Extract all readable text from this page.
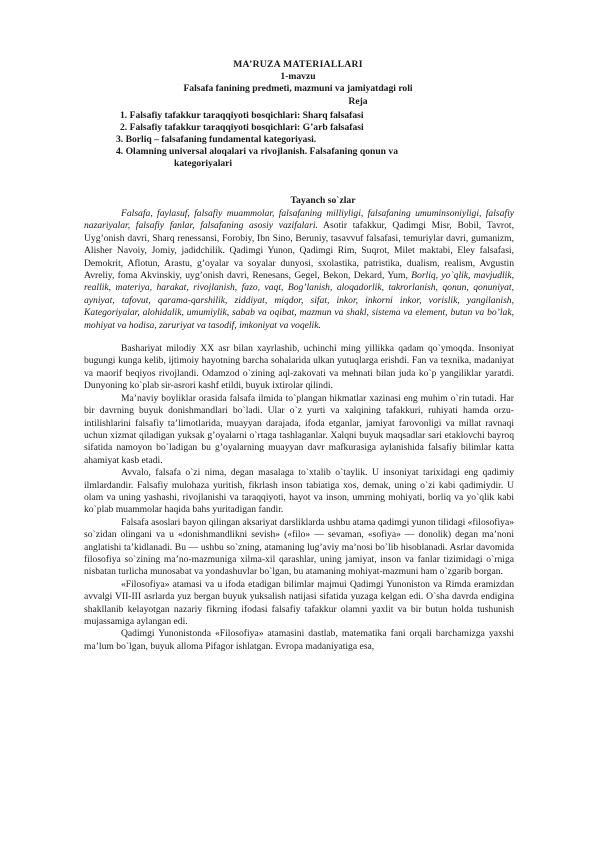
MA’RUZA MATERIALLARI

1-mavzu

Falsafa fanining predmeti, mazmuni va jamiyatdagi roli

Reja

1. Falsafiy tafakkur taraqqiyoti bosqichlari: Sharq falsafasi
2. Falsafiy tafakkur taraqqiyoti bosqichlari: G’arb falsafasi
3. Borliq – falsafaning fundamental kategoriyasi.
4. Olamning universal aloqalari va rivojlanish. Falsafaning qonun va
kategoriyalari

Tayanch so`zlar

Falsafa, faylasuf, falsafiy muammolar, falsafaning milliyligi, falsafaning umuminsoniyligi, falsafiy nazariyalar, falsafiy fanlar, falsafaning asosiy vazifalari. Asotir tafakkur, Qadimgi Misr, Bobil, Tavrot, Uyg’onish davri, Sharq renessansi, Forobiy, Ibn Sino, Beruniy, tasavvuf falsafasi, temuriylar davri, gumanizm, Alisher Navoiy, Jomiy, jadidchilik. Qadimgi Yunon, Qadimgi Rim, Suqrot, Milet maktabi, Eley falsafasi, Demokrit, Aflotun, Arastu, g’oyalar va soyalar dunyosi, sxolastika, patristika, dualism, realism, Avgustin Avreliy, foma Akvinskiy, uyg’onish davri, Renesans, Gegel, Bekon, Dekard, Yum, Borliq, yo`qlik, mavjudlik, reallik, materiya, harakat, rivojlanish, fazo, vaqt, Bog’lanish, aloqadorlik, takrorlanish, qonun, qonuniyat, ayniyat, tafovut, qarama-qarshilik, ziddiyat, miqdor, sifat, inkor, inkorni inkor, vorislik, yangilanish, Kategoriyalar, alohidalik, umumiylik, sabab va oqibat, mazmun va shakl, sistema va element, butun va bo’lak, mohiyat va hodisa, zaruriyat va tasodif, imkoniyat va voqelik.

Bashariyat milodiy XX asr bilan xayrlashib, uchinchi ming yillikka qadam qo`ymoqda. Insoniyat bugungi kunga kelib, ijtimoiy hayotning barcha sohalarida ulkan yutuqlarga erishdi. Fan va texnika, madaniyat va maorif beqiyos rivojlandi. Odamzod o`zining aql-zakovati va mehnati bilan juda ko`p yangiliklar yaratdi. Dunyoning ko`plab sir-asrori kashf etildi, buyuk ixtirolar qilindi.

Ma’naviy boyliklar orasida falsafa ilmida to`plangan hikmatlar xazinasi eng muhim o`rin tutadi. Har bir davrning buyuk donishmandlari bo`ladi. Ular o`z yurti va xalqining tafakkuri, ruhiyati hamda orzu-intilishlarini falsafiy ta’limotlarida, muayyan darajada, ifoda etganlar, jamiyat farovonligi va millat ravnaqi uchun xizmat qiladigan yuksak g’oyalarni o`rtaga tashlaganlar. Xalqni buyuk maqsadlar sari etaklovchi bayroq sifatida namoyon bo`ladigan bu g’oyalarning muayyan davr mafkurasiga aylanishida falsafiy bilimlar katta ahamiyat kasb etadi.

Avvalo, falsafa o`zi nima, degan masalaga to`xtalib o`taylik. U insoniyat tarixidagi eng qadimiy ilmlardandir. Falsafiy mulohaza yuritish, fikrlash inson tabiatiga xos, demak, uning o`zi kabi qadimiydir. U olam va uning yashashi, rivojlanishi va taraqqiyoti, hayot va inson, umrning mohiyati, borliq va yo`qlik kabi ko`plab muammolar haqida bahs yuritadigan fandir.

Falsafa asoslari bayon qilingan aksariyat darsliklarda ushbu atama qadimgi yunon tilidagi «filosofiya» so`zidan olingani va u «donishmandlikni sevish» («filo» — sevaman, «sofiya» — donolik) degan ma’noni anglatishi ta’kidlanadi. Bu — ushbu so`zning, atamaning lug’aviy ma’nosi bo`lib hisoblanadi. Asrlar davomida filosofiya so`zining ma’no-mazmuniga xilma-xil qarashlar, uning jamiyat, inson va fanlar tizimidagi o`rniga nisbatan turlicha munosabat va yondashuvlar bo`lgan, bu atamaning mohiyat-mazmuni ham o`zgarib borgan.

«Filosofiya» atamasi va u ifoda etadigan bilimlar majmui Qadimgi Yunoniston va Rimda eramizdan avvalgi VII-III asrlarda yuz bergan buyuk yuksalish natijasi sifatida yuzaga kelgan edi. O`sha davrda endigina shakllanib kelayotgan nazariy fikrning ifodasi falsafiy tafakkur olamni yaxlit va bir butun holda tushunish mujassamiga aylangan edi.

Qadimgi Yunonistonda «Filosofiya» atamasini dastlab, matematika fani orqali barchamizga yaxshi ma’lum bo`lgan, buyuk alloma Pifagor ishlatgan. Evropa madaniyatiga esa,
